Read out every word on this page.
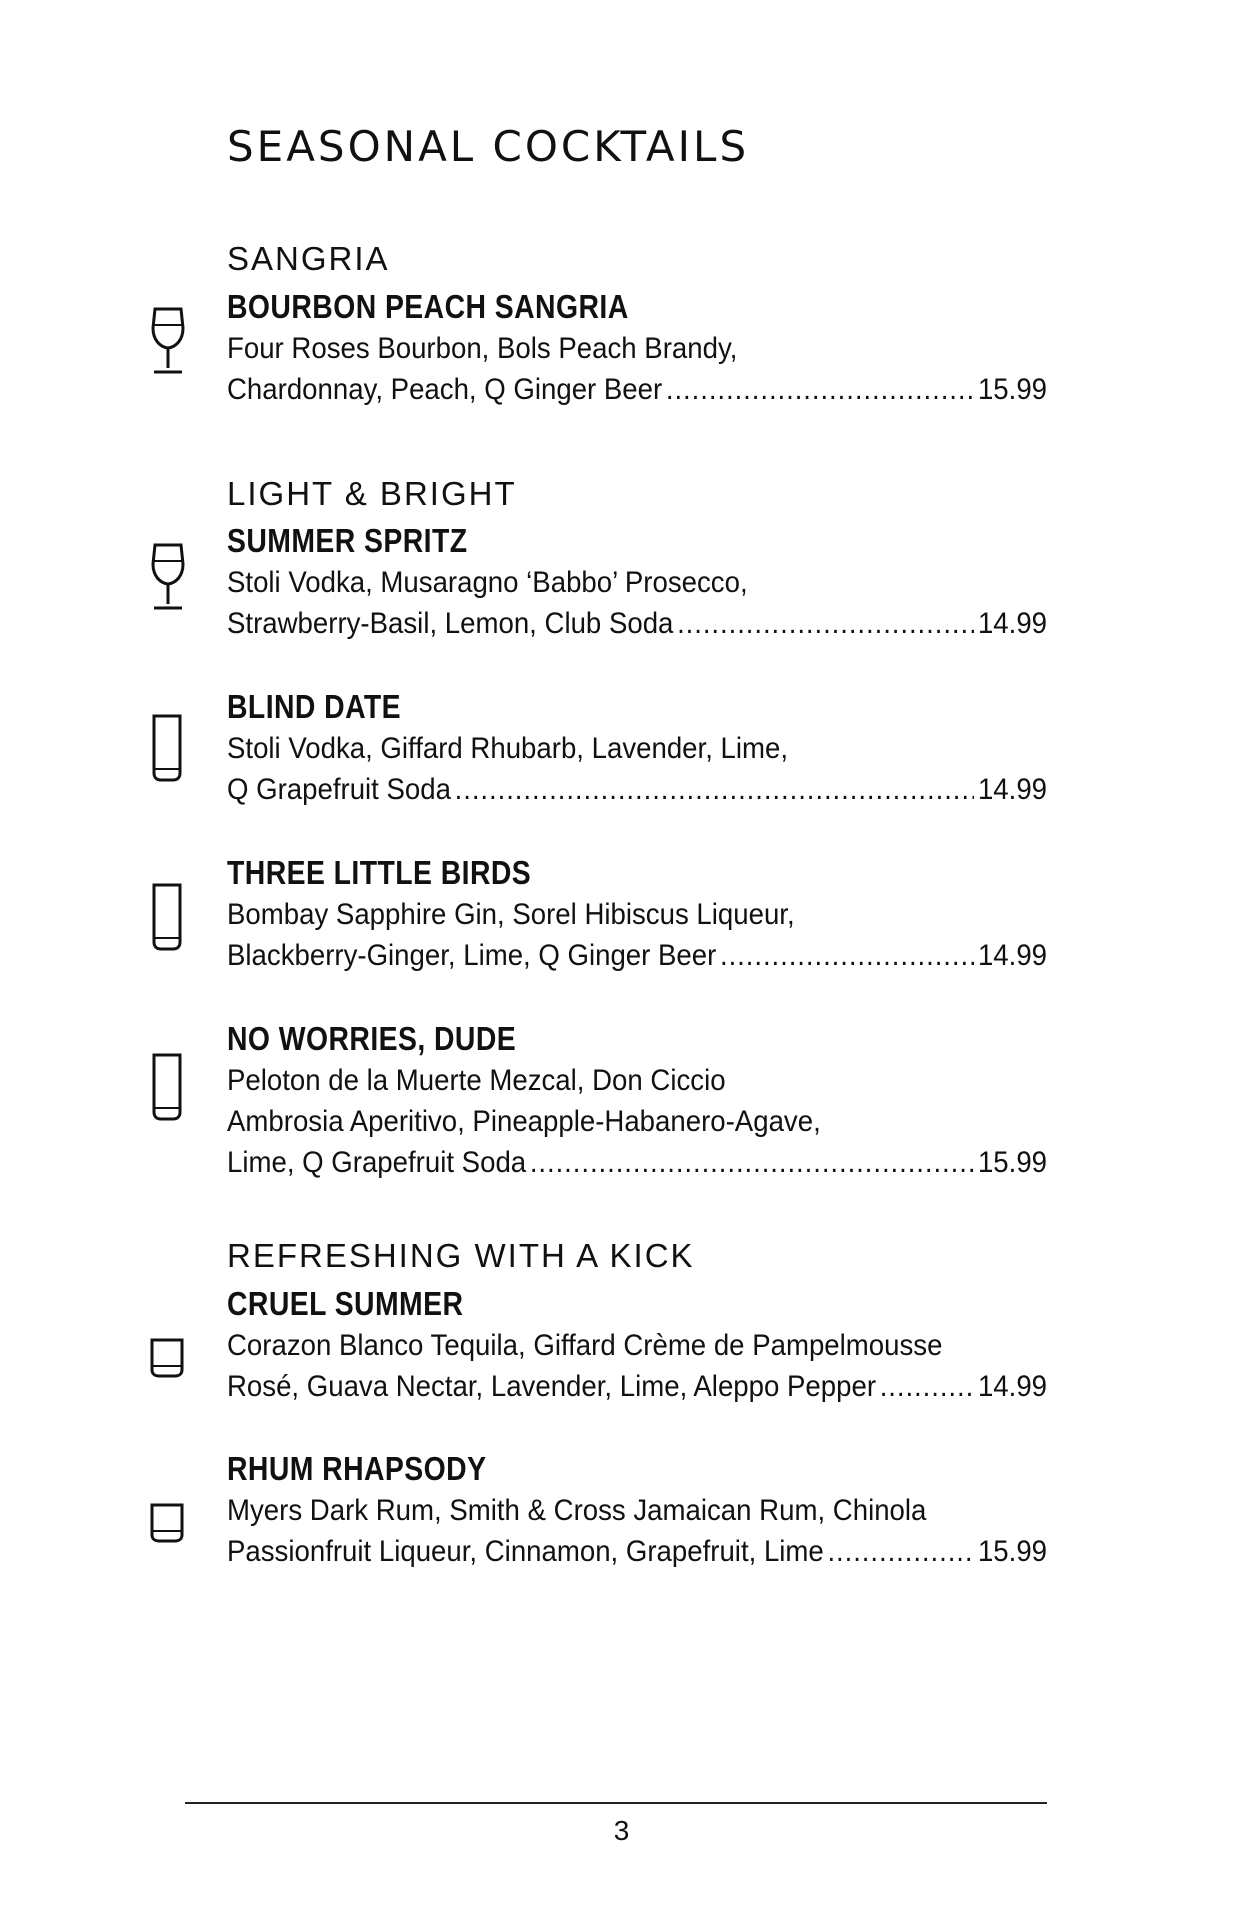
SEASONAL COCKTAILS
SANGRIA
BOURBON PEACH SANGRIA
Four Roses Bourbon, Bols Peach Brandy,
Chardonnay, Peach, Q Ginger Beer .....	15.99
LIGHT & BRIGHT
SUMMER SPRITZ
Stoli Vodka, Musaragno ‘Babbo’ Prosecco,
Strawberry-Basil, Lemon, Club Soda .....	14.99
BLIND DATE
Stoli Vodka, Giffard Rhubarb, Lavender, Lime,
Q Grapefruit Soda .....	14.99
THREE LITTLE BIRDS
Bombay Sapphire Gin, Sorel Hibiscus Liqueur,
Blackberry-Ginger, Lime, Q Ginger Beer .....	14.99
NO WORRIES, DUDE
Peloton de la Muerte Mezcal, Don Ciccio
Ambrosia Aperitivo, Pineapple-Habanero-Agave,
Lime, Q Grapefruit Soda .....	15.99
REFRESHING WITH A KICK
CRUEL SUMMER
Corazon Blanco Tequila, Giffard Crème de Pampelmousse
Rosé, Guava Nectar, Lavender, Lime, Aleppo Pepper .....	14.99
RHUM RHAPSODY
Myers Dark Rum, Smith & Cross Jamaican Rum, Chinola
Passionfruit Liqueur, Cinnamon, Grapefruit, Lime .....	15.99
3
